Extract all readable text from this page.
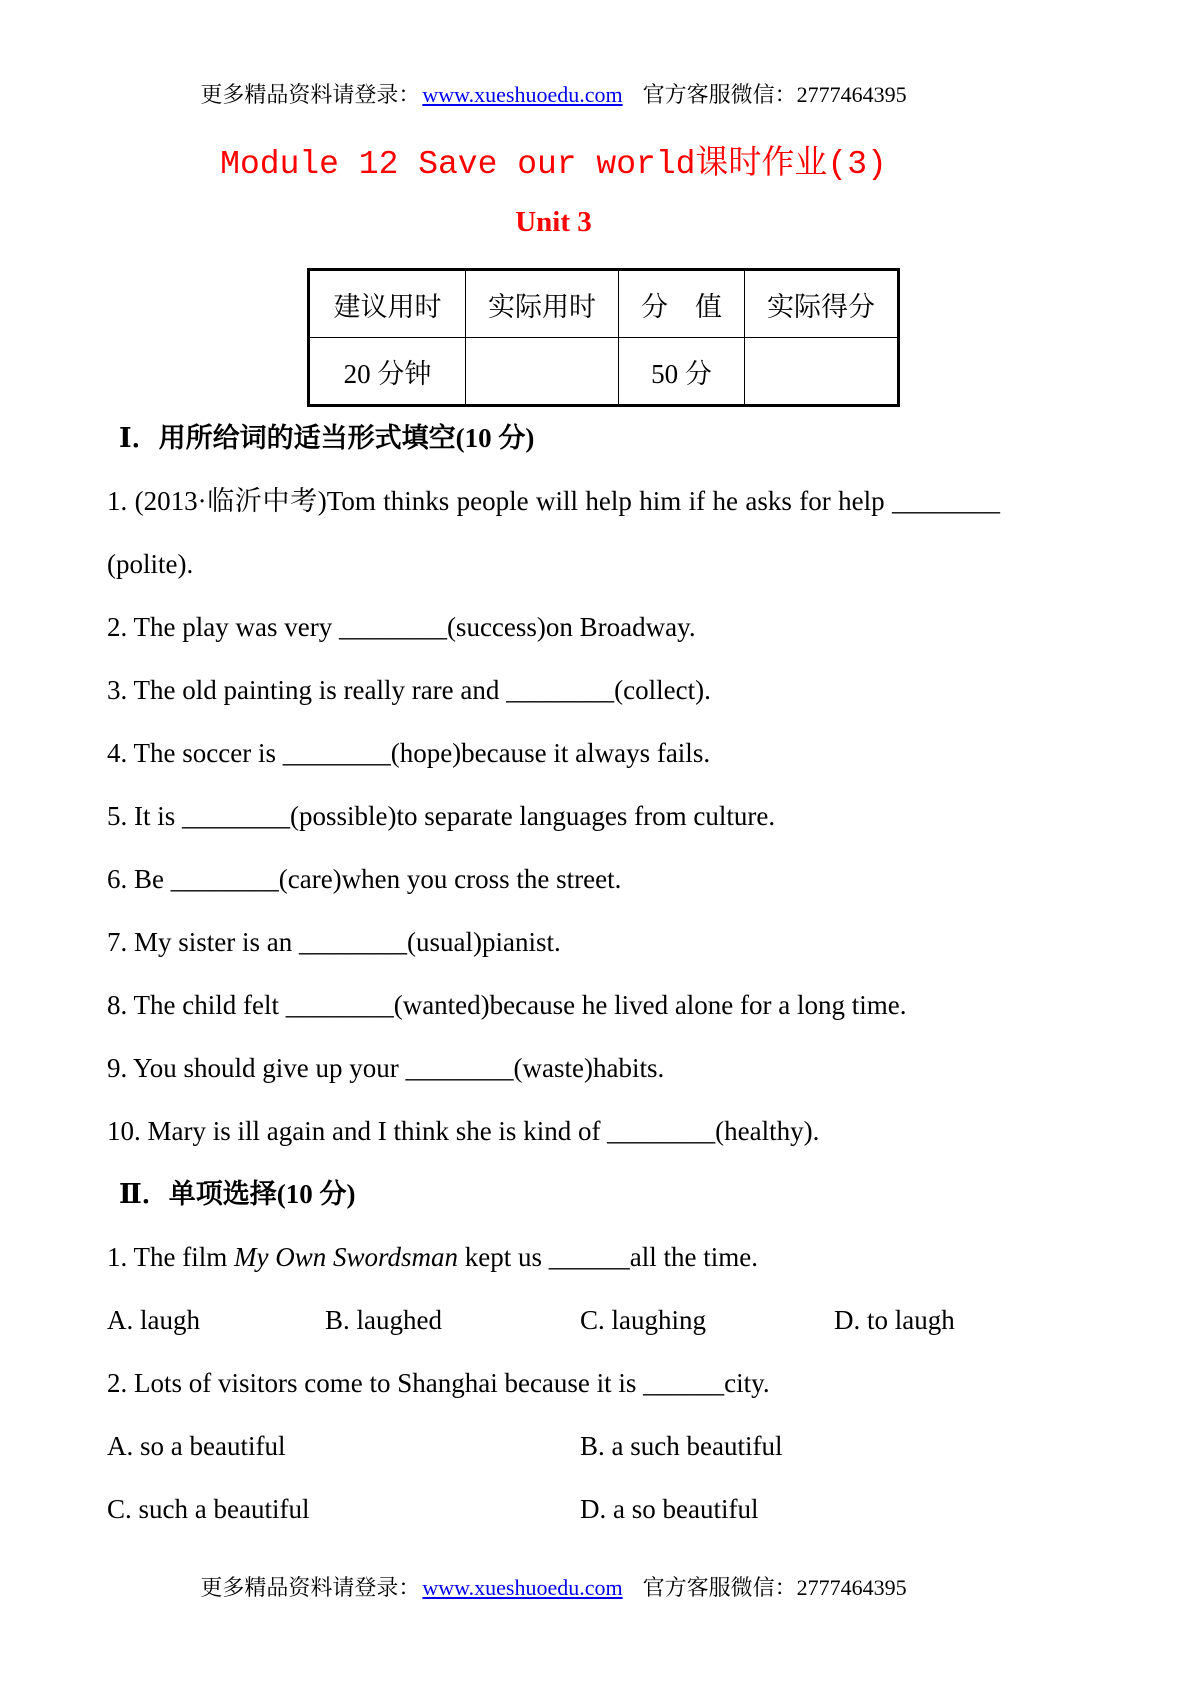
更多精品资料请登录：www.xueshuoedu.com 官方客服微信：2777464395
Module 12 Save our world课时作业(3)
Unit 3
建议用时	实际用时	分　值	实际得分
20 分钟		50 分	
Ⅰ．用所给词的适当形式填空(10 分)
1. (2013·临沂中考)Tom thinks people will help him if he asks for help ________
(polite).
2. The play was very ________(success)on Broadway.
3. The old painting is really rare and ________(collect).
4. The soccer is ________(hope)because it always fails.
5. It is ________(possible)to separate languages from culture.
6. Be ________(care)when you cross the street.
7. My sister is an ________(usual)pianist.
8. The child felt ________(wanted)because he lived alone for a long time.
9. You should give up your ________(waste)habits.
10. Mary is ill again and I think she is kind of ________(healthy).
Ⅱ．单项选择(10 分)
1. The film My Own Swordsman kept us ______all the time.
A. laugh	B. laughed	C. laughing	D. to laugh
2. Lots of visitors come to Shanghai because it is ______city.
A. so a beautiful	B. a such beautiful
C. such a beautiful	D. a so beautiful
更多精品资料请登录：www.xueshuoedu.com 官方客服微信：2777464395
